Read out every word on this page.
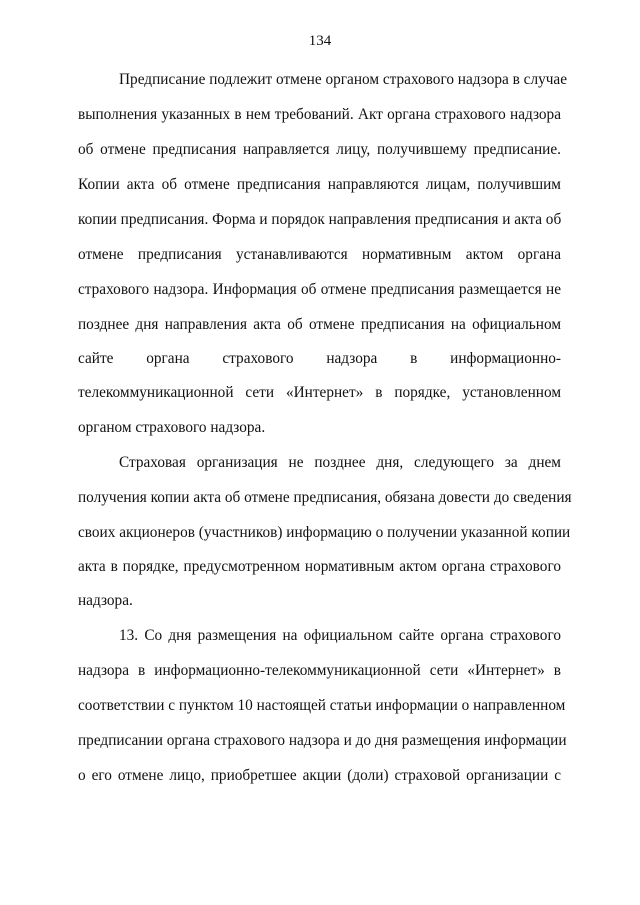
134
Предписание подлежит отмене органом страхового надзора в случае
выполнения указанных в нем требований. Акт органа страхового надзора
об отмене предписания направляется лицу, получившему предписание.
Копии акта об отмене предписания направляются лицам, получившим
копии предписания. Форма и порядок направления предписания и акта об
отмене предписания устанавливаются нормативным актом органа
страхового надзора. Информация об отмене предписания размещается не
позднее дня направления акта об отмене предписания на официальном
сайте органа страхового надзора в информационно-
телекоммуникационной сети «Интернет» в порядке, установленном
органом страхового надзора.
Страховая организация не позднее дня, следующего за днем
получения копии акта об отмене предписания, обязана довести до сведения
своих акционеров (участников) информацию о получении указанной копии
акта в порядке, предусмотренном нормативным актом органа страхового
надзора.
13. Со дня размещения на официальном сайте органа страхового
надзора в информационно-телекоммуникационной сети «Интернет» в
соответствии с пунктом 10 настоящей статьи информации о направленном
предписании органа страхового надзора и до дня размещения информации
о его отмене лицо, приобретшее акции (доли) страховой организации с
